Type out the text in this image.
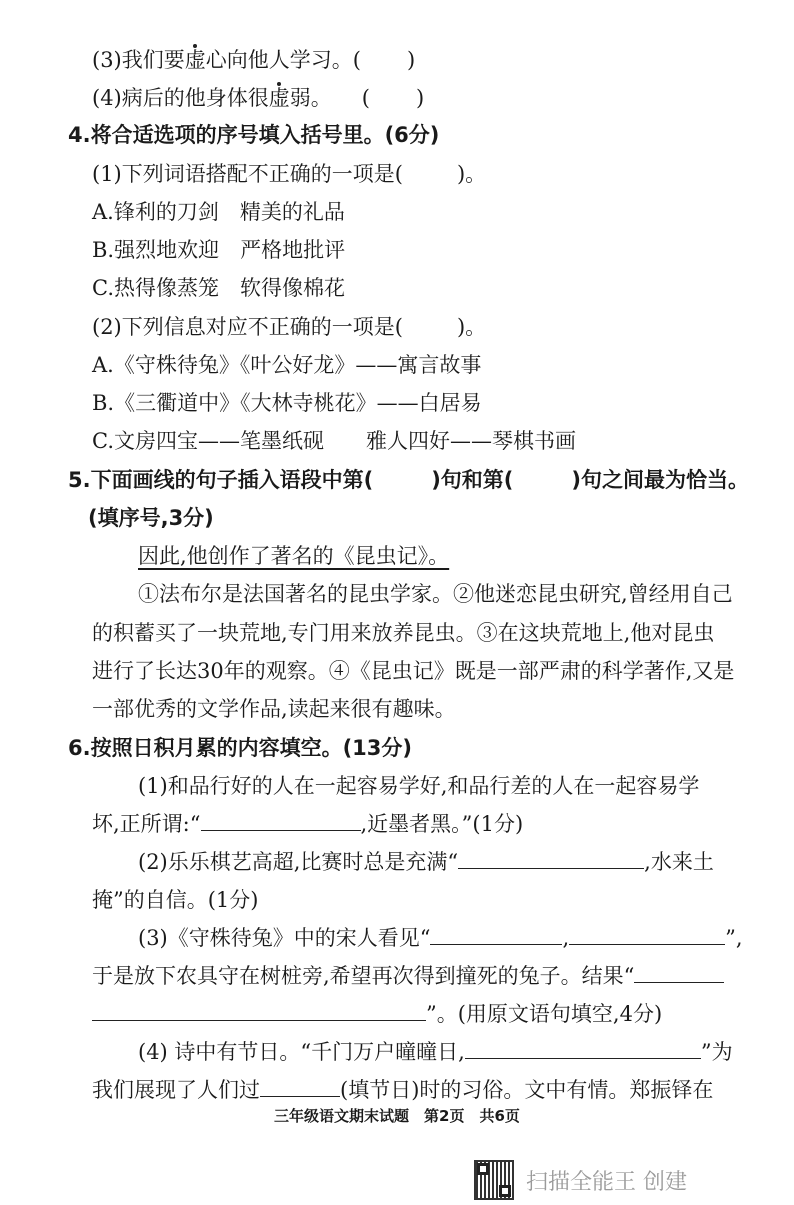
(3)我们要虚心向他人学习。( )
(4)病后的他身体很虚弱。 ( )
4.将合适选项的序号填入括号里。(6分)
(1)下列词语搭配不正确的一项是(	)。
A.锋利的刀剑　精美的礼品
B.强烈地欢迎　严格地批评
C.热得像蒸笼　软得像棉花
(2)下列信息对应不正确的一项是(	)。
A.《守株待兔》《叶公好龙》——寓言故事
B.《三衢道中》《大林寺桃花》——白居易
C.文房四宝——笔墨纸砚　　雅人四好——琴棋书画
5.下面画线的句子插入语段中第(	)句和第(	)句之间最为恰当。
(填序号,3分)
因此,他创作了著名的《昆虫记》。
①法布尔是法国著名的昆虫学家。②他迷恋昆虫研究,曾经用自己
的积蓄买了一块荒地,专门用来放养昆虫。③在这块荒地上,他对昆虫
进行了长达30年的观察。④《昆虫记》既是一部严肃的科学著作,又是
一部优秀的文学作品,读起来很有趣味。
6.按照日积月累的内容填空。(13分)
(1)和品行好的人在一起容易学好,和品行差的人在一起容易学
坏,正所谓:“	,近墨者黑。”(1分)
(2)乐乐棋艺高超,比赛时总是充满“	,水来土
掩”的自信。(1分)
(3)《守株待兔》中的宋人看见“	,	”,
于是放下农具守在树桩旁,希望再次得到撞死的兔子。结果“
”。(用原文语句填空,4分)
(4) 诗中有节日。“千门万户曈曈日,	”为
我们展现了人们过	(填节日)时的习俗。文中有情。郑振铎在
三年级语文期末试题　第2页　共6页
扫描全能王 创建
